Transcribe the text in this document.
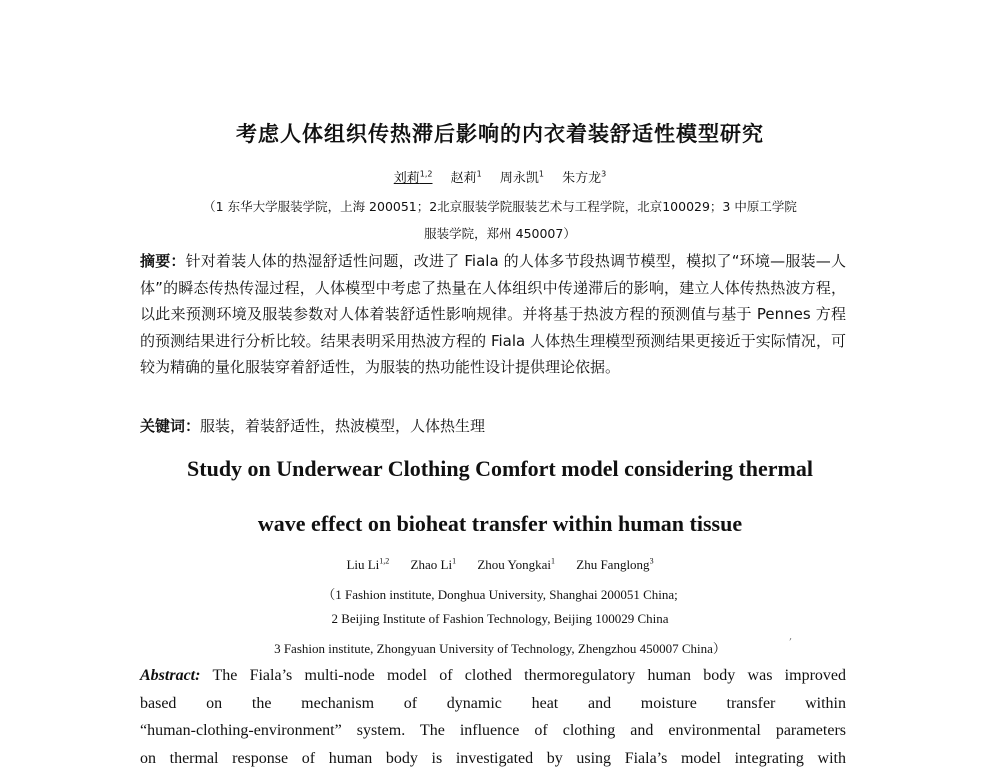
考虑人体组织传热滞后影响的内衣着装舒适性模型研究
刘莉$^{1,2}$ 赵莉$^1$ 周永凯$^1$ 朱方龙$^3$
（1 东华大学服装学院，上海 200051；2北京服装学院服装艺术与工程学院，北京100029；3 中原工学院
服装学院，郑州 450007）
摘要：针对着装人体的热湿舒适性问题，改进了 Fiala 的人体多节段热调节模型，模拟了“环境—服装—人体”的瞬态传热传湿过程，人体模型中考虑了热量在人体组织中传递滞后的影响，建立人体传热热波方程，以此来预测环境及服装参数对人体着装舒适性影响规律。并将基于热波方程的预测值与基于 Pennes 方程的预测结果进行分析比较。结果表明采用热波方程的 Fiala 人体热生理模型预测结果更接近于实际情况，可较为精确的量化服装穿着舒适性，为服装的热功能性设计提供理论依据。
关键词：服装，着装舒适性，热波模型，人体热生理
Study on Underwear Clothing Comfort model considering thermal
wave effect on bioheat transfer within human tissue
Liu Li$^{1,2}$ Zhao Li$^1$ Zhou Yongkai$^1$ Zhu Fanglong$^3$
（1 Fashion institute, Donghua University, Shanghai 200051 China;
2 Beijing Institute of Fashion Technology, Beijing 100029 China
3 Fashion institute, Zhongyuan University of Technology, Zhengzhou 450007 China）
,
Abstract: The Fiala’s multi-node model of clothed thermoregulatory human body was improved
based on the mechanism of dynamic heat and moisture transfer within
“human-clothing-environment” system. The influence of clothing and environmental parameters
on thermal response of human body is investigated by using Fiala’s model integrating with
